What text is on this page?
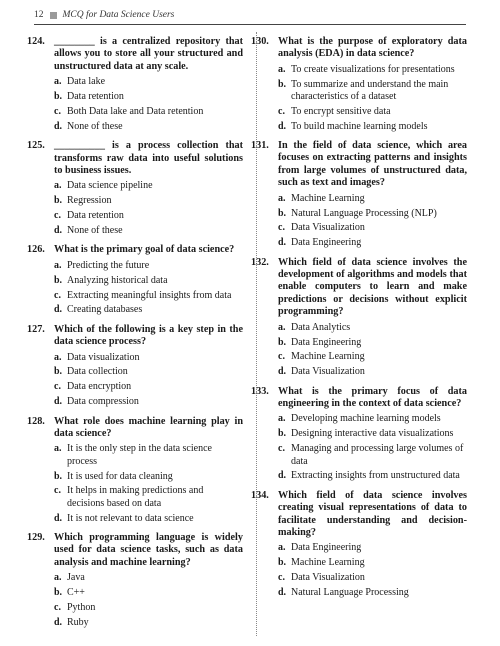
12 MCQ for Data Science Users
124. ________ is a centralized repository that allows you to store all your structured and unstructured data at any scale.
a. Data lake
b. Data retention
c. Both Data lake and Data retention
d. None of these
125. __________ is a process collection that transforms raw data into useful solutions to business issues.
a. Data science pipeline
b. Regression
c. Data retention
d. None of these
126. What is the primary goal of data science?
a. Predicting the future
b. Analyzing historical data
c. Extracting meaningful insights from data
d. Creating databases
127. Which of the following is a key step in the data science process?
a. Data visualization
b. Data collection
c. Data encryption
d. Data compression
128. What role does machine learning play in data science?
a. It is the only step in the data science process
b. It is used for data cleaning
c. It helps in making predictions and decisions based on data
d. It is not relevant to data science
129. Which programming language is widely used for data science tasks, such as data analysis and machine learning?
a. Java
b. C++
c. Python
d. Ruby
130. What is the purpose of exploratory data analysis (EDA) in data science?
a. To create visualizations for presentations
b. To summarize and understand the main characteristics of a dataset
c. To encrypt sensitive data
d. To build machine learning models
131. In the field of data science, which area focuses on extracting patterns and insights from large volumes of unstructured data, such as text and images?
a. Machine Learning
b. Natural Language Processing (NLP)
c. Data Visualization
d. Data Engineering
132. Which field of data science involves the development of algorithms and models that enable computers to learn and make predictions or decisions without explicit programming?
a. Data Analytics
b. Data Engineering
c. Machine Learning
d. Data Visualization
133. What is the primary focus of data engineering in the context of data science?
a. Developing machine learning models
b. Designing interactive data visualizations
c. Managing and processing large volumes of data
d. Extracting insights from unstructured data
134. Which field of data science involves creating visual representations of data to facilitate understanding and decision-making?
a. Data Engineering
b. Machine Learning
c. Data Visualization
d. Natural Language Processing
